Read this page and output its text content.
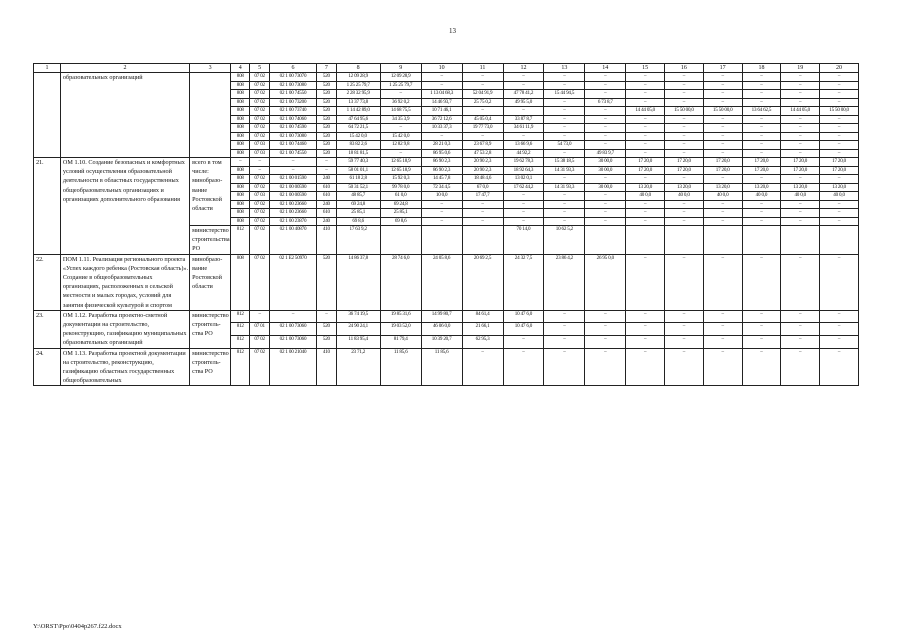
13
1	2	3	4	5	6	7	8	9	10	11	12	13	14	15	16	17	18	19	20
	образовательных организаций		808	07 02	02 1 00 73070	520	12 09 28,9	12 09 28,9	–	–	–	–	–	–	–	–	–	–	–
			808	07 02	02 1 00 73080	520	1 25 25 79,7	1 25 25 79,7	–	–	–	–	–	–	–	–	–	–	–
			808	07 02	02 1 00 74550	520	2 28 32 95,9	–	1 13 04 68,3	52 04 91,9	47 78 41,2	15 44 94,5	–	–	–	–	–	–	–
			808	07 02	02 1 00 73200	520	13 37 73,8	36 92 0,2	14 46 93,7	25 75 0,2	49 95 5,0	–	6 73 8,7	–	–	–	–	–	–
			808	07 02	02 1 00 73740	520	1 14 42 89,0	14 68 75,5	10 71 46,1	–	–	–	–	14 44 05,0	15 50 00,0	15 50 00,0	13 64 62,5	14 44 05,0	15 50 00,0
			808	07 02	02 1 00 74060	520	47 64 95,6	34 35 3,9	36 72 12,6	45 05 0,4	33 87 8,7	–	–	–	–	–	–	–	–
			808	07 02	02 1 00 74590	520	64 72 21,5	–	10 33 37,3	19 77 73,0	34 61 11,9	–	–	–	–	–	–	–	–
			808	07 02	02 1 00 73080	520	15 42 0,0	15 42 0,0	–	–	–	–	–	–	–	–	–	–	–
			808	07 03	02 1 00 74460	520	83 82 2,6	12 82 9,8	28 21 0,3	23 67 8,9	13 66 9,6	54 73,0	–	–	–	–	–	–	–
			808	07 03	02 1 00 74550	520	18 81 81,5	–	86 95 0,6	47 53 2,8	44 92,2	–	49 83 9,7	–	–	–	–	–	–
21.	ОМ 1.10. Создание безопасных и комфортных условий осуществления образовательной деятельности в областных государственных общеобразовательных организациях и организациях дополнительного образования	всего в том числе: минобразо-вание Ростовской области	–	–	–	–	59 77 40,3	12 65 18,9	86 90 2,3	20 90 2,3	19 62 78,3	15 38 18,5	30 00,0	17 20,0	17 20,0	17 20,0	17 20,0	17 20,0	17 20,0
			808	–	–	–	58 01 01,1	12 65 18,9	86 90 2,3	20 90 2,3	18 92 64,3	14 31 93,3	30 00,0	17 20,0	17 20,0	17 20,0	17 20,0	17 20,0	17 20,0
			808	07 02	02 1 00 01590	240	61 18 2,8	15 92 0,3	14 45 7,8	18 48 4,6	13 02 0,1	–	–	–	–	–	–	–	–
			808	07 02	02 1 00 00590	610	50 31 52,1	99 78 0,0	72 34 4,5	67 0,0	17 62 44,2	14 31 93,3	30 00,0	13 20,0	13 20,0	13 20,0	13 20,0	13 20,0	13 20,0
			808	07 03	02 1 00 00590	610	48 85,7	61 0,0	10 0,0	17 47,7	–	–	–	40 0,0	40 0,0	40 0,0	40 0,0	40 0,0	40 0,0
			808	07 02	02 1 00 23660	240	69 24,8	69 24,8	–	–	–	–	–	–	–	–	–	–	–
			808	07 02	02 1 00 23660	610	25 85,1	25 85,1	–	–	–	–	–	–	–	–	–	–	–
			808	07 02	02 1 00 23870	240	69 8,6	69 8,6	–	–	–	–	–	–	–	–	–	–	–
		министерство строительства РО	812	07 02	02 1 00 40870	410	17 63 9,2				70 14,0	10 62 5,2							
22.	ПОМ 1.11. Реализация регионального проекта «Успех каждого ребенка (Ростовская область)». Создание в общеобразовательных организациях, расположенных в сельской местности и малых городах, условий для занятия физической культурой и спортом	минобразо-вание Ростовской области	808	07 02	02 1 Е2 50970	520	14 86 37,8	28 74 6,0	24 05 8,6	20 69 2,5	24 32 7,5	23 86 4,2	26 95 0,0	–	–	–	–	–	–
23.	ОМ 1.12. Разработка проектно-сметной документации на строительство, реконструкцию, газификацию муниципальных образовательных организаций	министерство строитель-ства РО	812	–	–	–	36 74 19,5	19 85 31,6	14 99 80,7	84 61,4	10 47 6,0	–	–	–	–	–	–	–	–
			812	07 01	02 1 00 73060	520	24 90 24,1	19 03 52,0	46 06 0,0	21 66,1	10 47 6,0	–	–	–	–	–	–	–	–
			812	07 02	02 1 00 73060	520	11 83 95,4	81 79,4	10 39 20,7	62 95,3	–	–	–	–	–	–	–	–	–
24.	ОМ 1.13. Разработка проектной документации на строительство, реконструкцию, газификацию областных государственных общеобразовательных	министерство строитель-ства РО	812	07 02	02 1 00 21040	410	23 71,2	11 85,6	11 85,6	–	–	–	–	–	–	–	–	–	–
Y:\ORST\Ppo\0404p267.f22.docx
